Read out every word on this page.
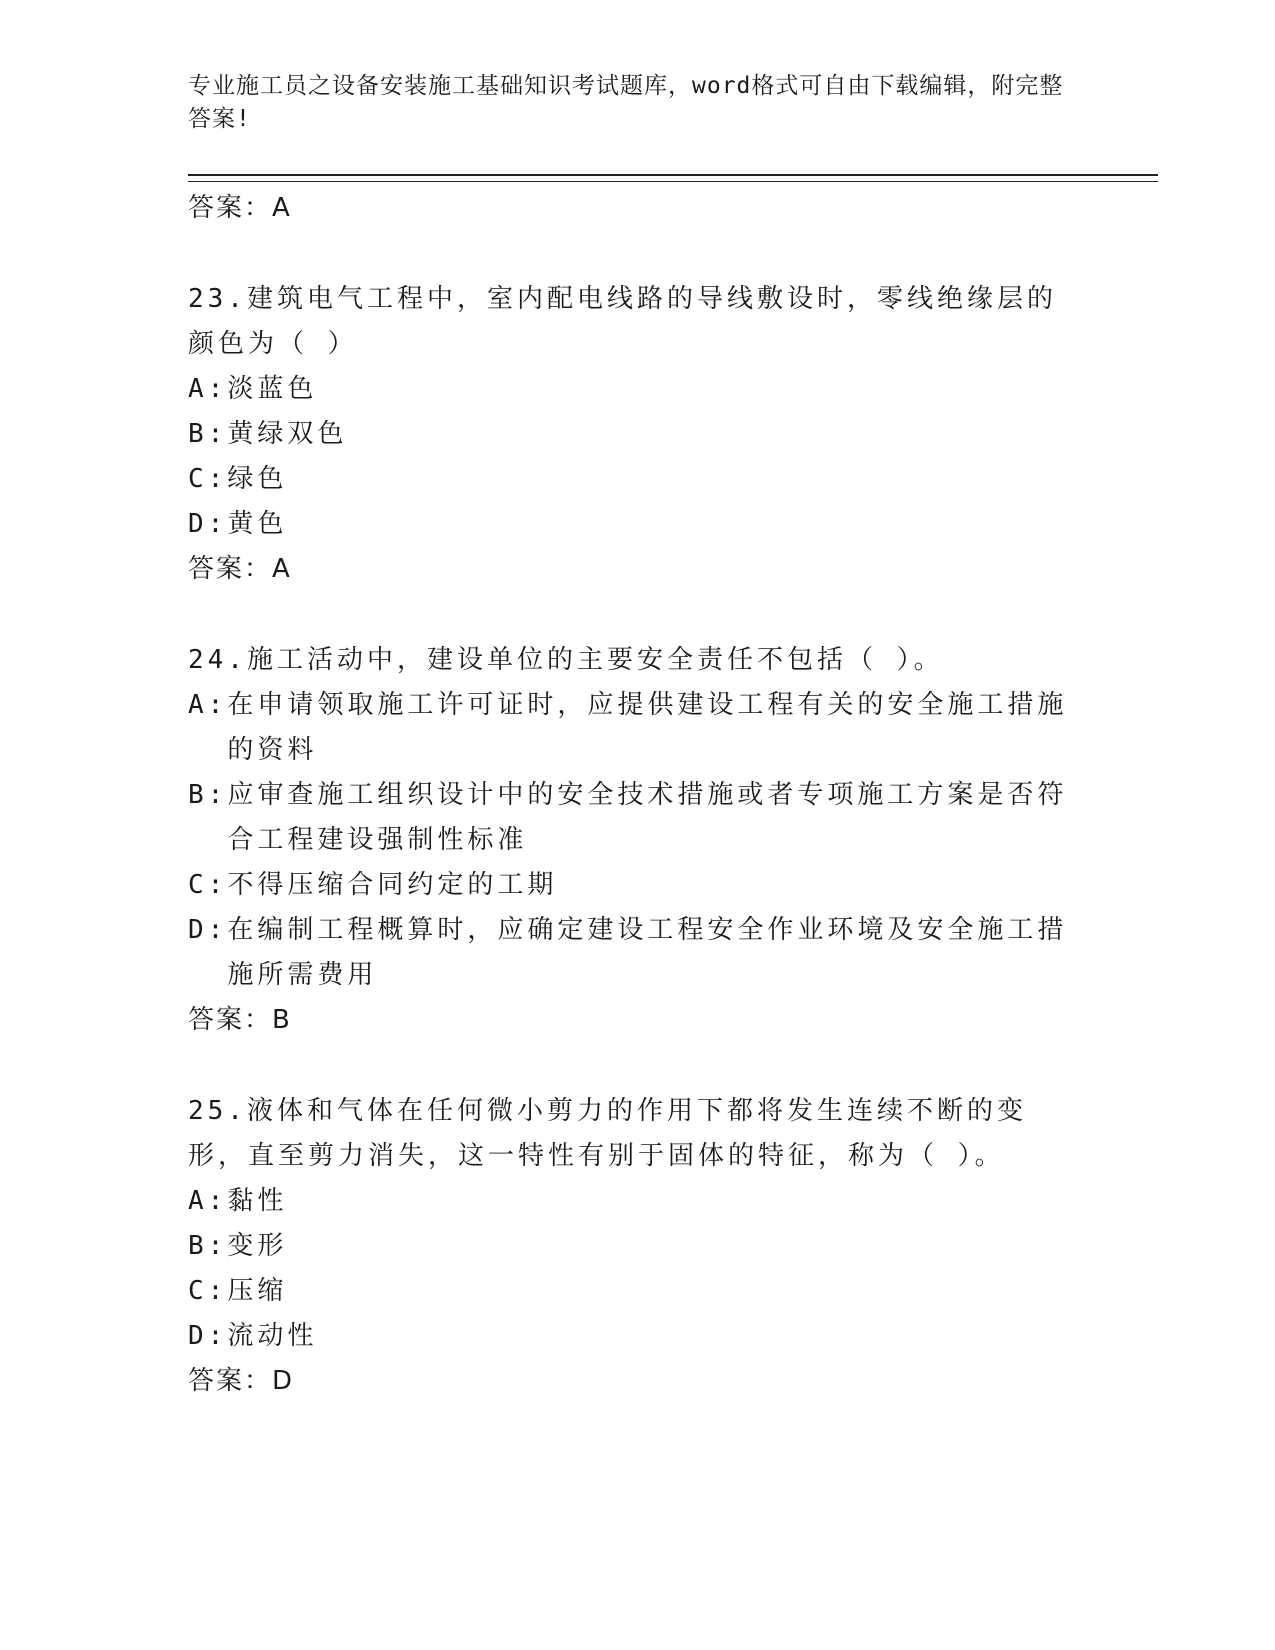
专业施工员之设备安装施工基础知识考试题库，word格式可自由下载编辑，附完整答案!

答案：A

23.建筑电气工程中，室内配电线路的导线敷设时，零线绝缘层的颜色为（ ）

A: 淡蓝色
B: 黄绿双色
C: 绿色
D: 黄色

答案：A

24.施工活动中，建设单位的主要安全责任不包括（ ）。

A: 在申请领取施工许可证时，应提供建设工程有关的安全施工措施的资料
B: 应审查施工组织设计中的安全技术措施或者专项施工方案是否符合工程建设强制性标准
C: 不得压缩合同约定的工期
D: 在编制工程概算时，应确定建设工程安全作业环境及安全施工措施所需费用

答案：B

25.液体和气体在任何微小剪力的作用下都将发生连续不断的变形，直至剪力消失，这一特性有别于固体的特征，称为（ ）。

A: 黏性
B: 变形
C: 压缩
D: 流动性

答案：D
